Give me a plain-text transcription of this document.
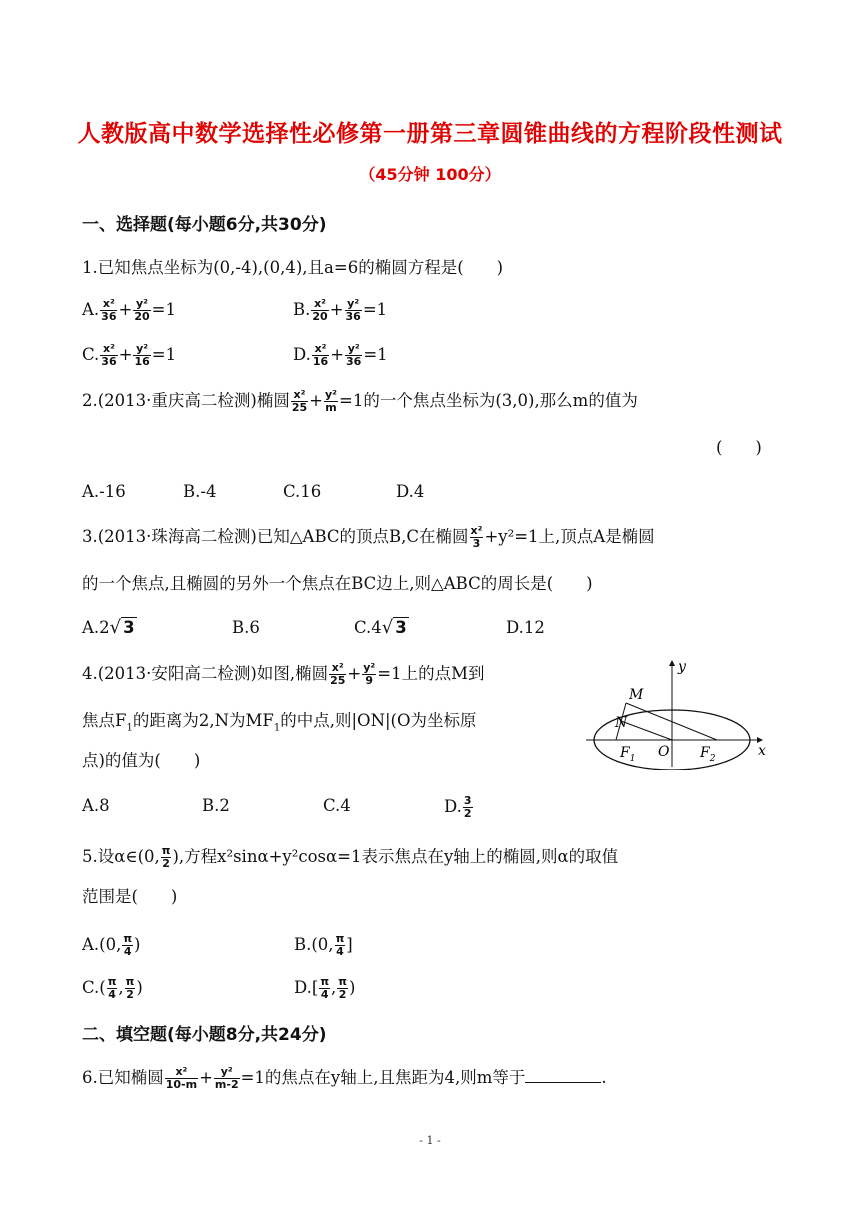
人教版高中数学选择性必修第一册第三章圆锥曲线的方程阶段性测试
（45分钟 100分）
一、选择题(每小题6分,共30分)
1.已知焦点坐标为(0,-4),(0,4),且a=6的椭圆方程是(　　)
A. $\frac{\text{x²}}{36} + \frac{\text{y²}}{20} =1$	B. $\frac{\text{x²}}{20} + \frac{\text{y²}}{36} =1$
C. $\frac{\text{x²}}{36} + \frac{\text{y²}}{16} =1$	D. $\frac{\text{x²}}{16} + \frac{\text{y²}}{36} =1$
2.(2013·重庆高二检测)椭圆 $\frac{\text{x²}}{25} + \frac{\text{y²}}{m} =1$的一个焦点坐标为(3,0),那么m的值为
(　　)
A.-16	B.-4	C.16	D.4
3.(2013·珠海高二检测)已知△ABC的顶点B,C在椭圆 $\frac{\text{x²}}{3} +y^2=1$上,顶点A是椭圆
的一个焦点,且椭圆的另外一个焦点在BC边上,则△ABC的周长是(　　)
A.2√ 3	B.6	C.4√ 3	D.12
4.(2013·安阳高二检测)如图,椭圆 $\frac{\text{x²}}{25} + \frac{\text{y²}}{9} =1$上的点M到
焦点$F_1$的距离为2,N为$MF_1$的中点,则|ON|(O为坐标原
点)的值为(　　)
y
x
M
N
O
$F_1$	$F_2$
A.8	B.2	C.4	D. $\frac{3}{2}$
5.设α∈(0, $\frac{\pi}{2}$ ),方程x²sinα+y²cosα=1表示焦点在y轴上的椭圆,则α的取值
范围是(　　)
A.(0, $\frac{\pi}{4}$ )	B.(0, $\frac{\pi}{4}$ ]
$C.( \frac{\pi}{4}$ , $\frac{\pi}{2}$ )	$D.[ \frac{\pi}{4}$ , $\frac{\pi}{2}$ )
二、填空题(每小题8分,共24分)
6.已知椭圆 $\frac{\text{x²}}{10-m} + \frac{\text{y²}}{m-2} =1$的焦点在y轴上,且焦距为4,则m等于	.
- 1 -
